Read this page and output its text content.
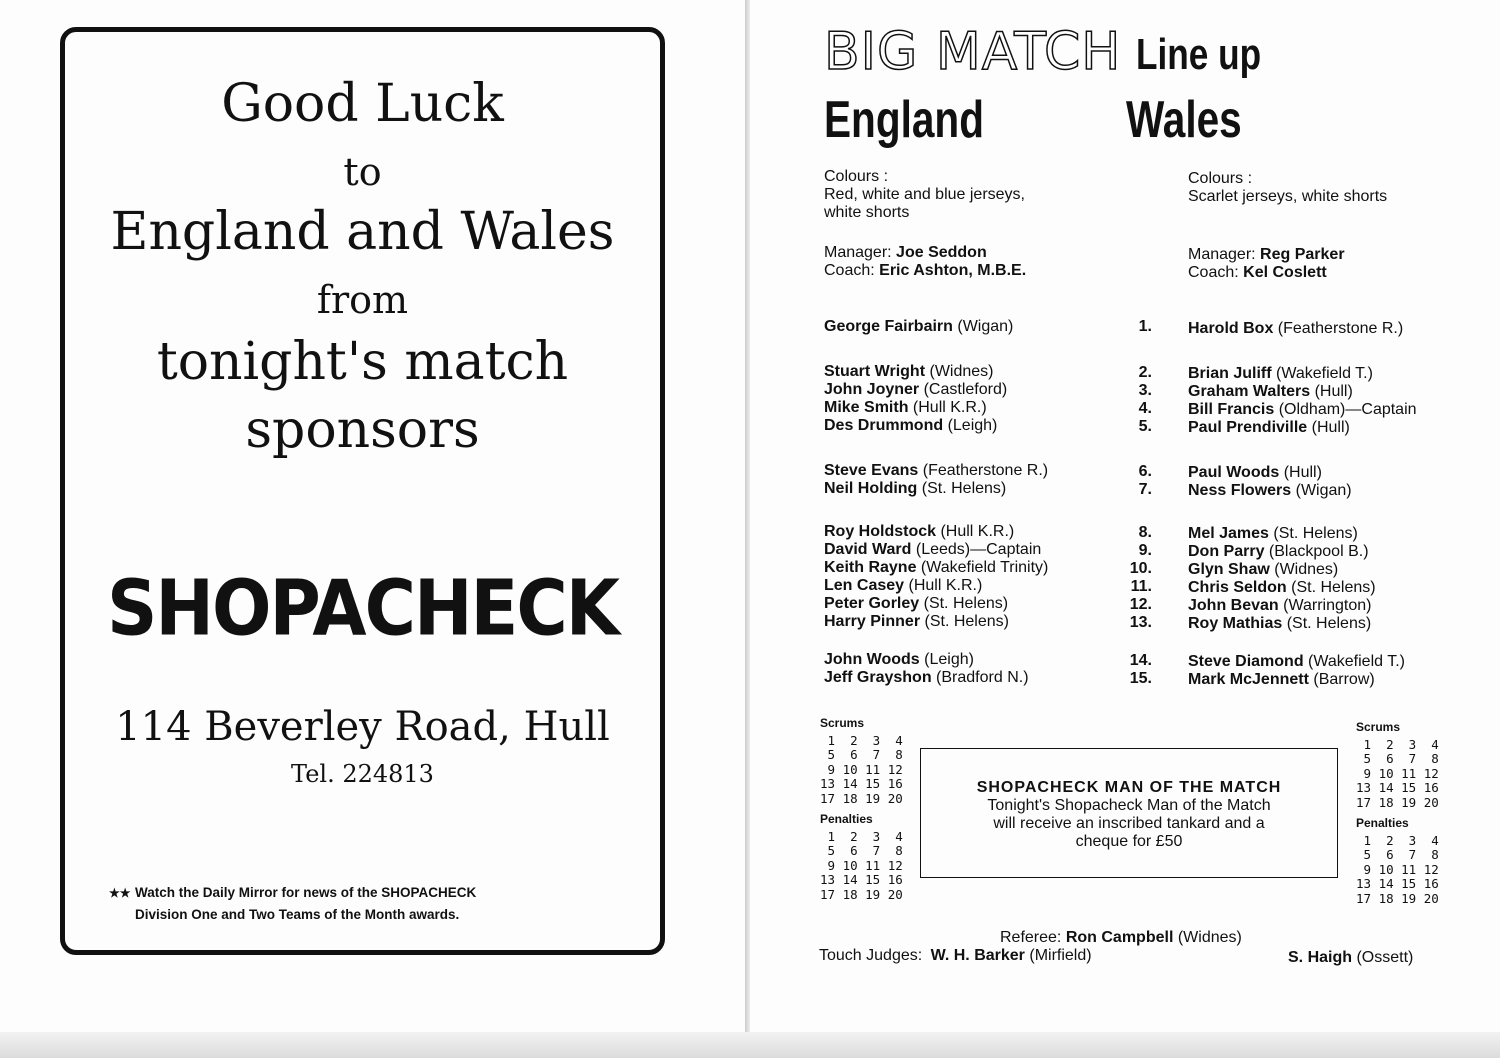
Good Luck
to
England and Wales
from
tonight's match
sponsors
SHOPACHECK
114 Beverley Road, Hull
Tel. 224813
★★ Watch the Daily Mirror for news of the SHOPACHECK
Division One and Two Teams of the Month awards.
BIG MATCH Line up
England	Wales
Colours :
Red, white and blue jerseys,
white shorts
Colours :
Scarlet jerseys, white shorts
Manager: Joe Seddon
Coach: Eric Ashton, M.B.E.
Manager: Reg Parker
Coach: Kel Coslett
George Fairbairn (Wigan)	1. Harold Box (Featherstone R.)
Stuart Wright (Widnes)	2. Brian Juliff (Wakefield T.)
John Joyner (Castleford)	3. Graham Walters (Hull)
Mike Smith (Hull K.R.)	4. Bill Francis (Oldham)—Captain
Des Drummond (Leigh)	5. Paul Prendiville (Hull)
Steve Evans (Featherstone R.)	6. Paul Woods (Hull)
Neil Holding (St. Helens)	7. Ness Flowers (Wigan)
Roy Holdstock (Hull K.R.)	8. Mel James (St. Helens)
David Ward (Leeds)—Captain	9. Don Parry (Blackpool B.)
Keith Rayne (Wakefield Trinity)	10. Glyn Shaw (Widnes)
Len Casey (Hull K.R.)	11. Chris Seldon (St. Helens)
Peter Gorley (St. Helens)	12. John Bevan (Warrington)
Harry Pinner (St. Helens)	13. Roy Mathias (St. Helens)
John Woods (Leigh)	14. Steve Diamond (Wakefield T.)
Jeff Grayshon (Bradford N.)	15. Mark McJennett (Barrow)
Scrums
1  2  3  4
5  6  7  8
9 10 11 12
13 14 15 16
17 18 19 20
Penalties
1  2  3  4
5  6  7  8
9 10 11 12
13 14 15 16
17 18 19 20
Scrums
1  2  3  4
5  6  7  8
9 10 11 12
13 14 15 16
17 18 19 20
Penalties
1  2  3  4
5  6  7  8
9 10 11 12
13 14 15 16
17 18 19 20
SHOPACHECK MAN OF THE MATCH
Tonight's Shopacheck Man of the Match
will receive an inscribed tankard and a
cheque for £50
Referee: Ron Campbell (Widnes)
Touch Judges: W. H. Barker (Mirfield)	S. Haigh (Ossett)
